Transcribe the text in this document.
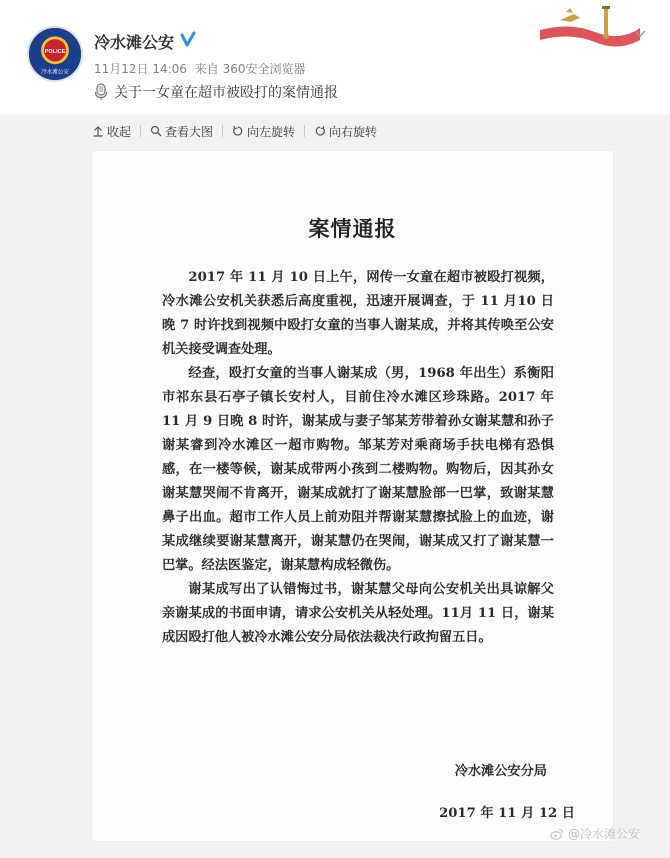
POLICE
冷水滩公安
冷水滩公安
11月12日 14:06 来自 360安全浏览器
关于一女童在超市被殴打的案情通报
收起	查看大图	向左旋转	向右旋转
案情通报

2017 年 11 月 10 日上午，网传一女童在超市被殴打视频，冷水滩公安机关获悉后高度重视，迅速开展调查，于 11 月10 日晚 7 时许找到视频中殴打女童的当事人谢某成，并将其传唤至公安机关接受调查处理。

经查，殴打女童的当事人谢某成（男，1968 年出生）系衡阳市祁东县石亭子镇长安村人，目前住冷水滩区珍珠路。2017 年 11 月 9 日晚 8 时许，谢某成与妻子邹某芳带着孙女谢某慧和孙子谢某睿到冷水滩区一超市购物。邹某芳对乘商场手扶电梯有恐惧感，在一楼等候，谢某成带两小孩到二楼购物。购物后，因其孙女谢某慧哭闹不肯离开，谢某成就打了谢某慧脸部一巴掌，致谢某慧鼻子出血。超市工作人员上前劝阻并帮谢某慧擦拭脸上的血迹，谢某成继续要谢某慧离开，谢某慧仍在哭闹，谢某成又打了谢某慧一巴掌。经法医鉴定，谢某慧构成轻微伤。

谢某成写出了认错悔过书，谢某慧父母向公安机关出具谅解父亲谢某成的书面申请，请求公安机关从轻处理。11月 11 日，谢某成因殴打他人被冷水滩公安分局依法裁决行政拘留五日。

冷水滩公安分局
2017 年 11 月 12 日
@冷水滩公安
